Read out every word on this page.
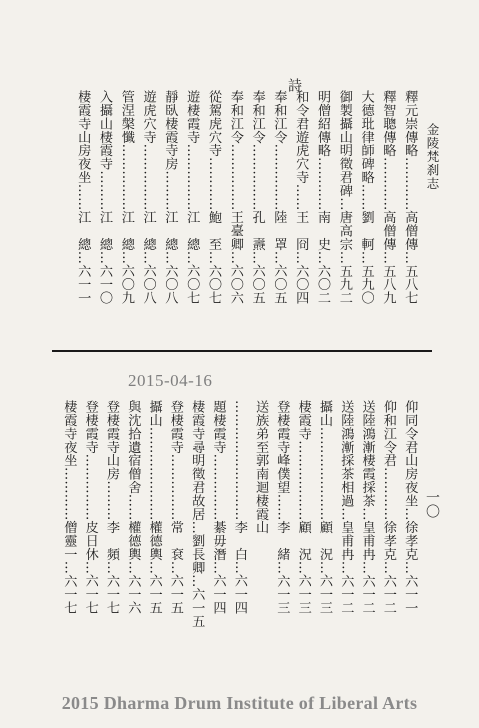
金陵梵刹志
一〇
詩
釋元崇傳略…………高僧傳…五八七
釋智聰傳略…………高僧傳…五八九
大德玭律師碑略……劉　軻…五九〇
御製攝山明徵君碑…唐高宗…五九二
明僧紹傳略…………南　史…六〇二
和令君遊虎穴寺……王　冏…六〇四
奉和江令……………陸　罩…六〇五
奉和江令……………孔　燾…六〇五
奉和江令……………王臺卿…六〇六
從駕虎穴寺…………鮑　至…六〇七
遊棲霞寺……………江　總…六〇七
靜臥棲霞寺房………江　總…六〇八
遊虎穴寺……………江　總…六〇八
管涅槃懺……………江　總…六〇九
入攝山棲霞寺………江　總…六一〇
棲霞寺山房夜坐……江　總…六一一
2015-04-16
仰同令君山房夜坐…徐孝克…六一一
仰和江令君…………徐孝克…六一二
送陸鴻漸棲霞採茶…皇甫冉…六一二
送陸鴻漸採茶相過…皇甫冉…六一二
攝山…………………顧　況…六一三
棲霞寺………………顧　況…六一三
登棲霞寺峰僕望……李　緒…六一三
送族弟至郭南迴棲霞山
………………………李　白…六一四
題棲霞寺……………綦毋潛…六一四
棲霞寺尋明徵君故居…劉長卿…六一五
登棲霞寺……………常　袞…六一五
攝山…………………權德輿…六一五
與沈拾遺宿僧舍……權德輿…六一六
登棲霞寺山房………李　頻…六一七
登棲霞寺……………皮日休…六一七
棲霞寺夜坐…………僧靈一…六一七
2015 Dharma Drum Institute of Liberal Arts
